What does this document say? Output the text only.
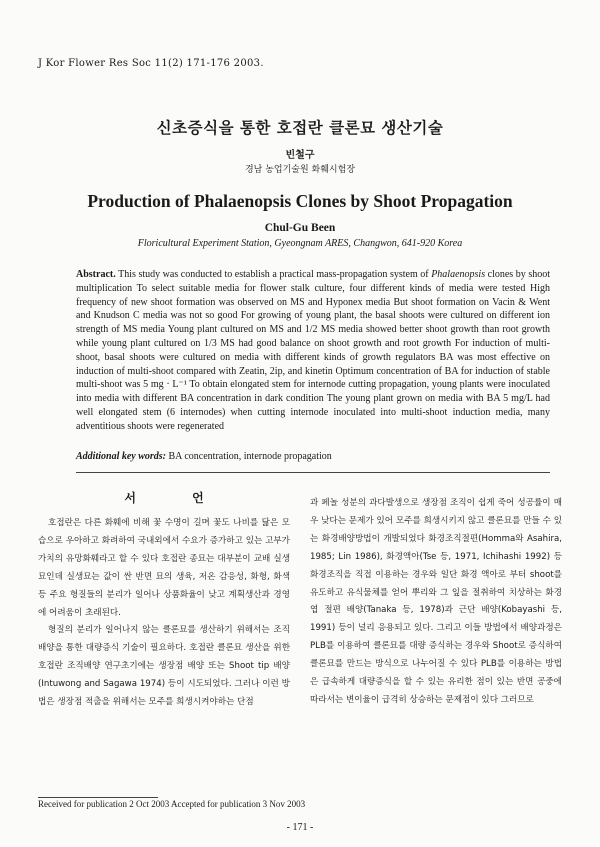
J Kor Flower Res Soc 11(2) 171-176 2003.
신초증식을 통한 호접란 클론묘 생산기술
빈철구
경남 농업기술원 화훼시험장
Production of Phalaenopsis Clones by Shoot Propagation
Chul-Gu Been
Floricultural Experiment Station, Gyeongnam ARES, Changwon, 641-920 Korea
Abstract. This study was conducted to establish a practical mass-propagation system of Phalaenopsis clones by shoot multiplication To select suitable media for flower stalk culture, four different kinds of media were tested High frequency of new shoot formation was observed on MS and Hyponex media But shoot formation on Vacin & Went and Knudson C media was not so good For growing of young plant, the basal shoots were cultured on different ion strength of MS media Young plant cultured on MS and 1/2 MS media showed better shoot growth than root growth while young plant cultured on 1/3 MS had good balance on shoot growth and root growth For induction of multi-shoot, basal shoots were cultured on media with different kinds of growth regulators BA was most effective on induction of multi-shoot compared with Zeatin, 2ip, and kinetin Optimum concentration of BA for induction of stable multi-shoot was 5 mg · L⁻¹ To obtain elongated stem for internode cutting propagation, young plants were inoculated into media with different BA concentration in dark condition The young plant grown on media with BA 5 mg/L had well elongated stem (6 internodes) when cutting internode inoculated into multi-shoot induction media, many adventitious shoots were regenerated
Additional key words: BA concentration, internode propagation
서 언

호접란은 다른 화훼에 비해 꽃 수명이 길며 꽃도 나비를 닮은 모습으로 우아하고 화려하여 국내외에서 수요가 증가하고 있는 고부가가치의 유망화훼라고 할 수 있다 호접란 종묘는 대부분이 교배 실생묘인데 실생묘는 값이 싼 반면 묘의 생육, 저온 감응성, 화형, 화색 등 주요 형질들의 분리가 일어나 상품화율이 낮고 계획생산과 경영에 어려움이 초래된다.

형질의 분리가 일어나지 않는 클론묘를 생산하기 위해서는 조직배양을 통한 대량증식 기술이 필요하다. 호접란 클론묘 생산을 위한 호접란 조직배양 연구초기에는 생장점 배양 또는 Shoot tip 배양(Intuwong and Sagawa 1974) 등이 시도되었다. 그러나 이런 방법은 생장점 적출을 위해서는 모주를 희생시켜야하는 단점

과 페놀 성분의 과다발생으로 생장점 조직이 쉽게 죽어 성공률이 매우 낮다는 문제가 있어 모주를 희생시키지 않고 클론묘를 만들 수 있는 화경배양방법이 개발되었다 화경조직절편(Homma와 Asahira, 1985; Lin 1986), 화경액아(Tse 등, 1971, Ichihashi 1992) 등 화경조직을 직접 이용하는 경우와 일단 화경 액아로 부터 shoot를 유도하고 유식물체를 얻어 뿌리와 그 잎을 절취하여 치상하는 화경엽 절편 배양(Tanaka 등, 1978)과 근단 배양(Kobayashi 등, 1991) 등이 널리 응용되고 있다. 그리고 이들 방법에서 배양과정은 PLB를 이용하여 클론묘를 대량 증식하는 경우와 Shoot로 증식하여 클론묘를 만드는 방식으로 나누어질 수 있다 PLB를 이용하는 방법은 급속하게 대량증식을 할 수 있는 유리한 점이 있는 반면 공중에 따라서는 변이율이 급격히 상승하는 문제점이 있다 그러므로

Received for publication 2 Oct 2003 Accepted for publication 3 Nov 2003
- 171 -
